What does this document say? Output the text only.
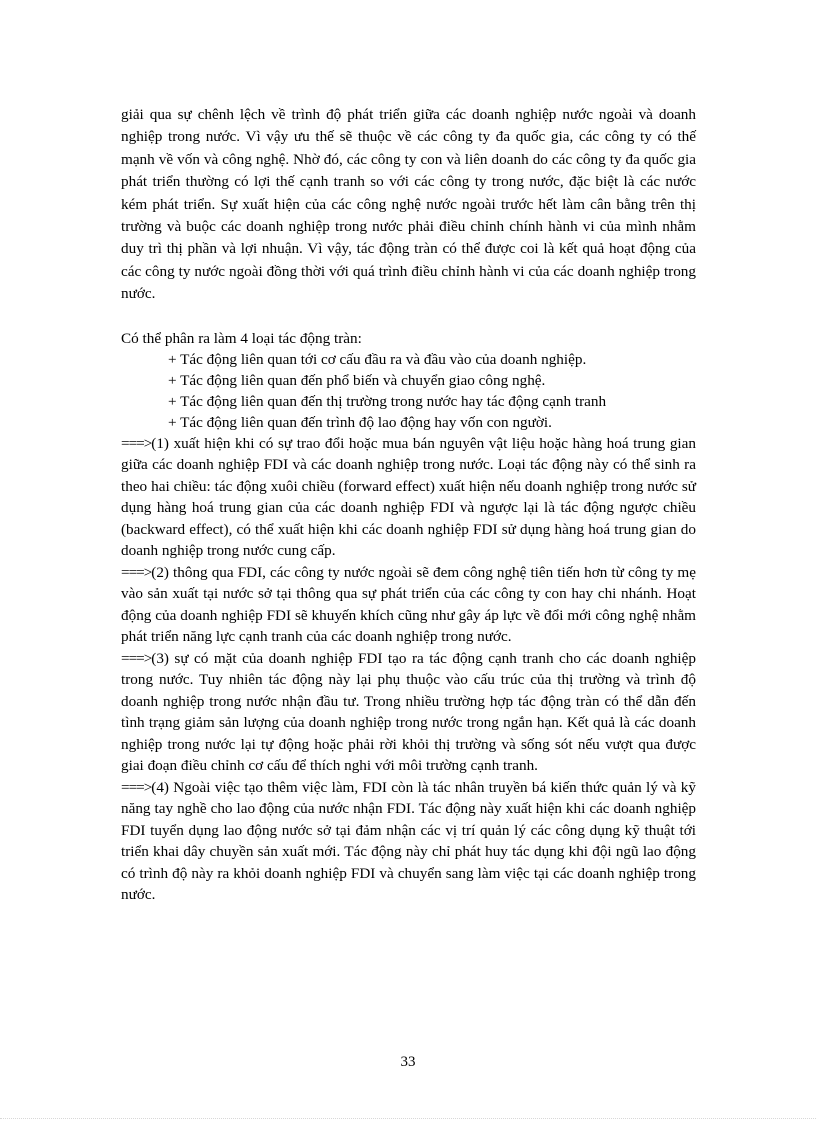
giải qua sự chênh lệch về trình độ phát triển giữa các doanh nghiệp nước ngoài và doanh nghiệp trong nước. Vì vậy ưu thế sẽ thuộc về các công ty đa quốc gia, các công ty có thế mạnh về vốn và công nghệ. Nhờ đó, các công ty con và liên doanh do các công ty đa quốc gia phát triển thường có lợi thế cạnh tranh so với các công ty trong nước, đặc biệt là các nước kém phát triển. Sự xuất hiện của các công nghệ nước ngoài trước hết làm cân bằng trên thị trường và buộc các doanh nghiệp trong nước phải điều chỉnh chính hành vi của mình nhằm duy trì thị phần và lợi nhuận. Vì vậy, tác động tràn có thể được coi là kết quả hoạt động của các công ty nước ngoài đồng thời với quá trình điều chỉnh hành vi của các doanh nghiệp trong nước.

Có thể phân ra làm 4 loại tác động tràn:
+ Tác động liên quan tới cơ cấu đầu ra và đầu vào của doanh nghiệp.
+ Tác động liên quan đến phổ biến và chuyển giao công nghệ.
+ Tác động liên quan đến thị trường trong nước hay tác động cạnh tranh
+ Tác động liên quan đến trình độ lao động hay vốn con người.

===>(1) xuất hiện khi có sự trao đổi hoặc mua bán nguyên vật liệu hoặc hàng hoá trung gian giữa các doanh nghiệp FDI và các doanh nghiệp trong nước. Loại tác động này có thể sinh ra theo hai chiều: tác động xuôi chiều (forward effect) xuất hiện nếu doanh nghiệp trong nước sử dụng hàng hoá trung gian của các doanh nghiệp FDI và ngược lại là tác động ngược chiều (backward effect), có thể xuất hiện khi các doanh nghiệp FDI sử dụng hàng hoá trung gian do doanh nghiệp trong nước cung cấp.

===>(2) thông qua FDI, các công ty nước ngoài sẽ đem công nghệ tiên tiến hơn từ công ty mẹ vào sản xuất tại nước sở tại thông qua sự phát triển của các công ty con hay chi nhánh. Hoạt động của doanh nghiệp FDI sẽ khuyến khích cũng như gây áp lực về đổi mới công nghệ nhằm phát triển năng lực cạnh tranh của các doanh nghiệp trong nước.

===>(3) sự có mặt của doanh nghiệp FDI tạo ra tác động cạnh tranh cho các doanh nghiệp trong nước. Tuy nhiên tác động này lại phụ thuộc vào cấu trúc của thị trường và trình độ doanh nghiệp trong nước nhận đầu tư. Trong nhiều trường hợp tác động tràn có thể dẫn đến tình trạng giảm sản lượng của doanh nghiệp trong nước trong ngắn hạn. Kết quả là các doanh nghiệp trong nước lại tự động hoặc phải rời khỏi thị trường và sống sót nếu vượt qua được giai đoạn điều chỉnh cơ cấu để thích nghi với môi trường cạnh tranh.

===>(4) Ngoài việc tạo thêm việc làm, FDI còn là tác nhân truyền bá kiến thức quản lý và kỹ năng tay nghề cho lao động của nước nhận FDI. Tác động này xuất hiện khi các doanh nghiệp FDI tuyển dụng lao động nước sở tại đảm nhận các vị trí quản lý các công dụng kỹ thuật tới triển khai dây chuyền sản xuất mới. Tác động này chỉ phát huy tác dụng khi đội ngũ lao động có trình độ này ra khỏi doanh nghiệp FDI và chuyển sang làm việc tại các doanh nghiệp trong nước.

33
